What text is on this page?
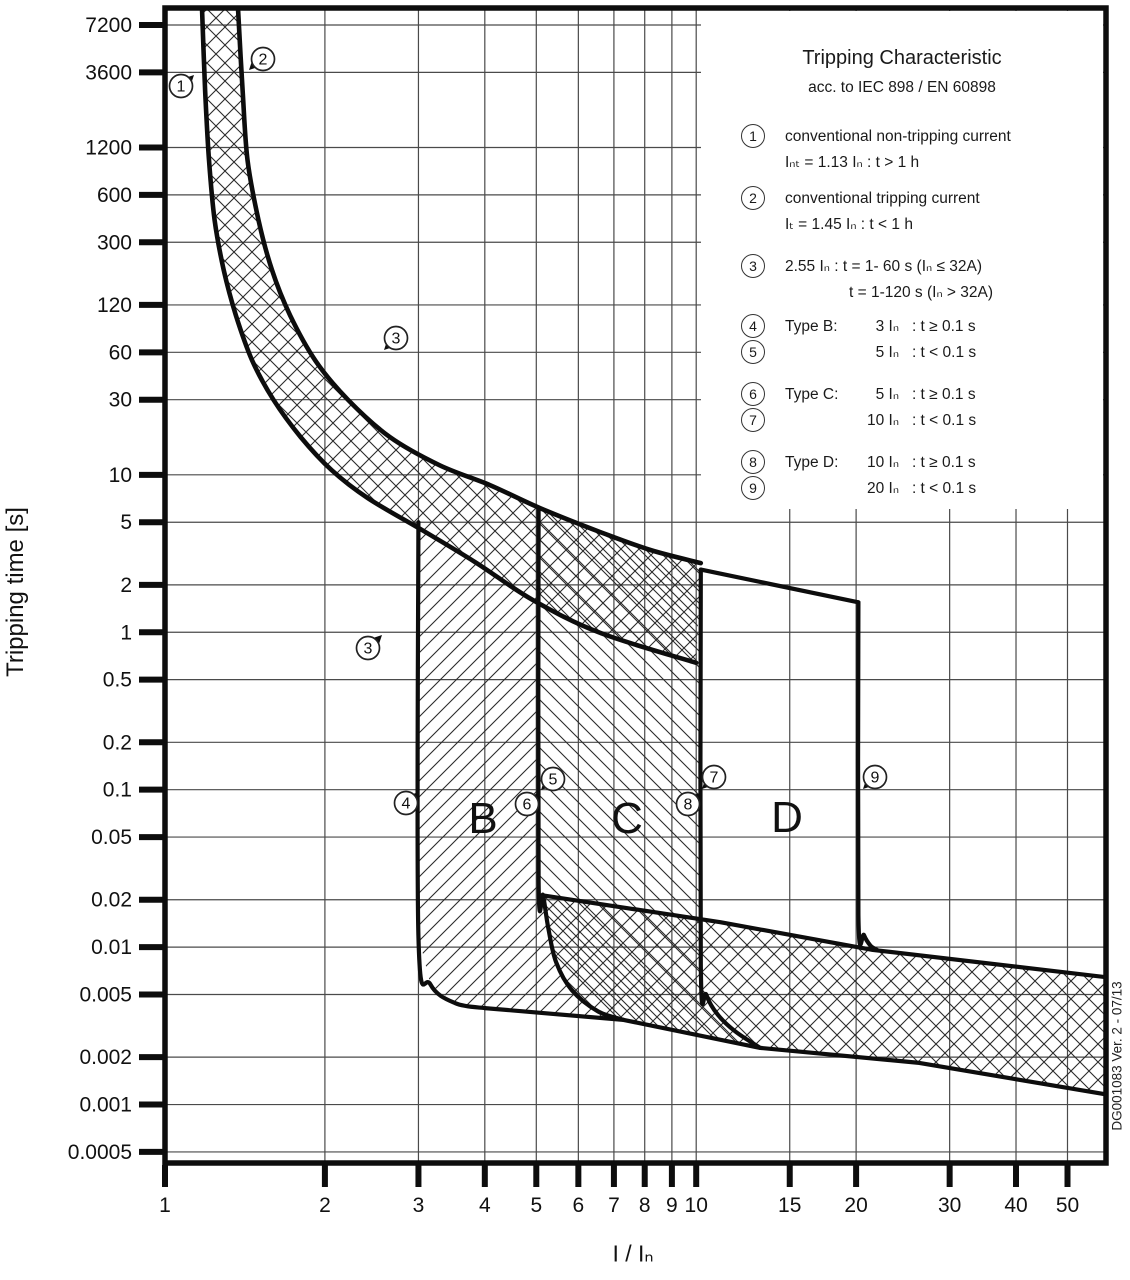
1	2	3	4 5 6 7 8 9 10	15 20	30 40 50
7200
3600
1200
600
300
120
60
30
10
5
2
1
0.5
0.2
0.1
0.05
0.02
0.01
0.005
0.002
0.001
0.0005
B	C	D
1
2
3
3
4
5
6
7
8
9
Tripping Characteristic
acc. to IEC 898 / EN 60898
1	conventional non-tripping current
Iₙₜ = 1.13 Iₙ : t > 1 h
2	conventional tripping current
Iₜ = 1.45 Iₙ : t < 1 h
3	2.55 Iₙ : t = 1- 60 s (Iₙ ≤ 32A)
t = 1-120 s (Iₙ > 32A)
4	Type B:	3 Iₙ   : t ≥ 0.1 s
5	5 Iₙ   : t < 0.1 s
6	Type C:	5 Iₙ   : t ≥ 0.1 s
7	10 Iₙ   : t < 0.1 s
8	Type D:	10 Iₙ   : t ≥ 0.1 s
9	20 Iₙ   : t < 0.1 s
Tripping time [s]
I / Iₙ
DG001083 Ver. 2 - 07/13
